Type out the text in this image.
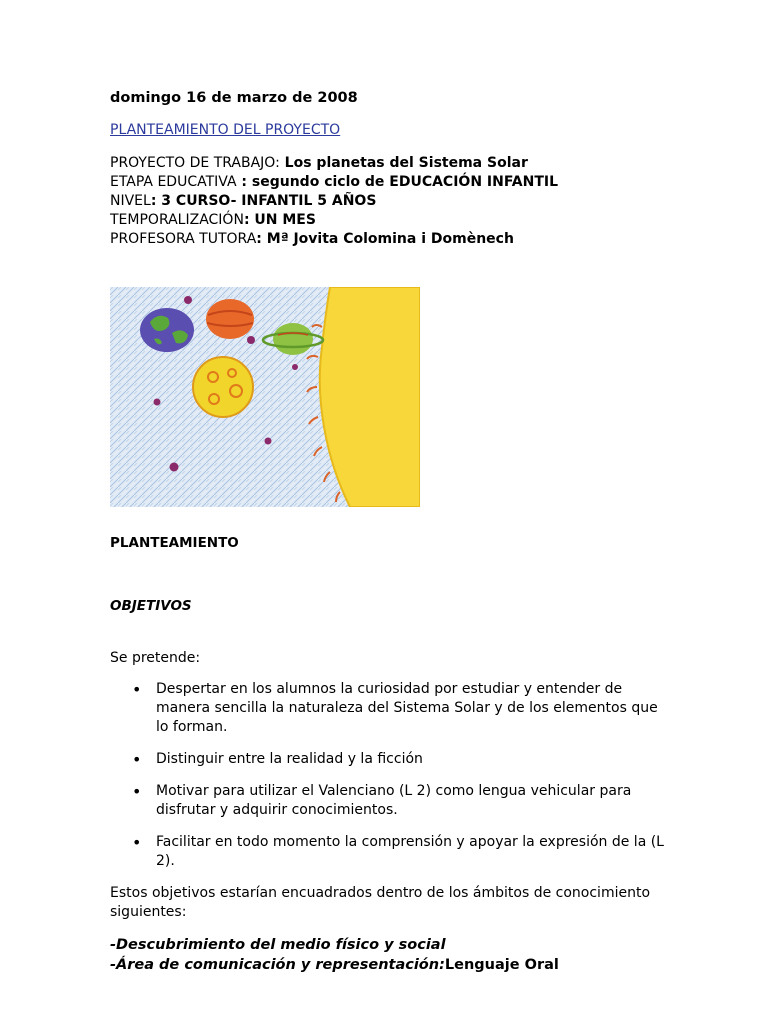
domingo 16 de marzo de 2008
PLANTEAMIENTO DEL PROYECTO
PROYECTO DE TRABAJO: Los planetas del Sistema Solar
ETAPA EDUCATIVA : segundo ciclo de EDUCACIÓN INFANTIL
NIVEL: 3 CURSO- INFANTIL 5 AÑOS
TEMPORALIZACIÓN: UN MES
PROFESORA TUTORA: Mª Jovita Colomina i Domènech
PLANTEAMIENTO
OBJETIVOS
Se pretende:
• Despertar en los alumnos la curiosidad por estudiar y entender de manera sencilla la naturaleza del Sistema Solar y de los elementos que lo forman.
• Distinguir entre la realidad y la ficción
• Motivar para utilizar el Valenciano (L 2) como lengua vehicular para disfrutar y adquirir conocimientos.
• Facilitar en todo momento la comprensión y apoyar la expresión de la (L 2).
Estos objetivos estarían encuadrados dentro de los ámbitos de conocimiento siguientes:
-Descubrimiento del medio físico y social
-Área de comunicación y representación:Lenguaje Oral
